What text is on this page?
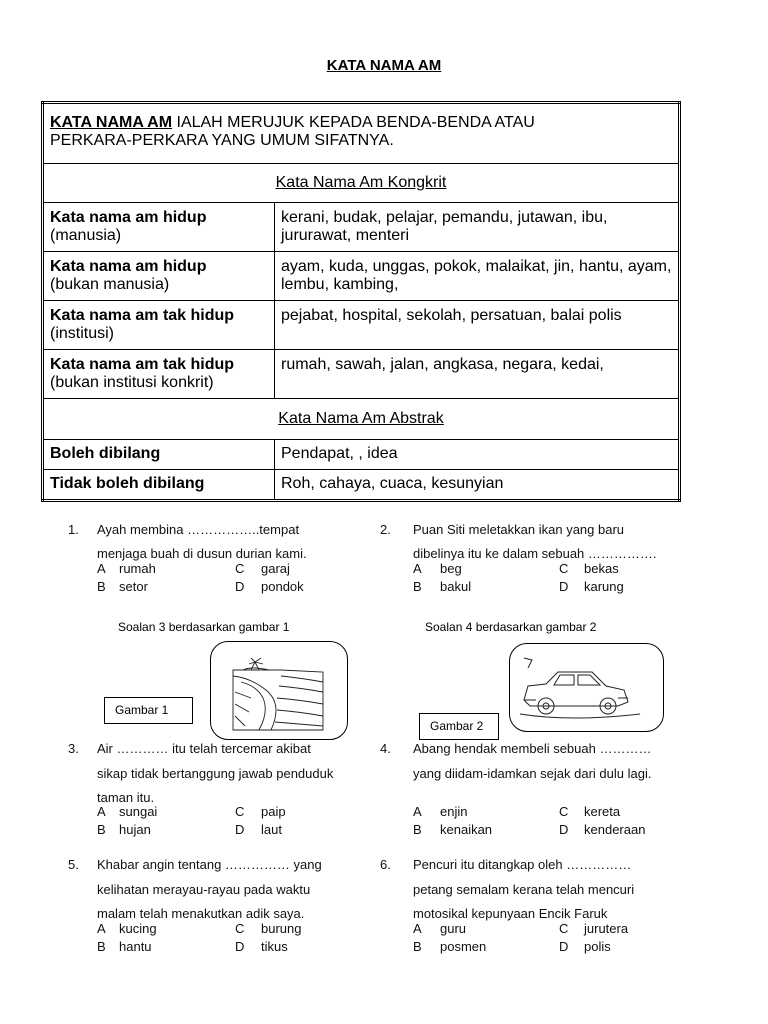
KATA NAMA AM
KATA NAMA AM IALAH MERUJUK KEPADA BENDA-BENDA ATAU
PERKARA-PERKARA YANG UMUM SIFATNYA.	
Kata Nama Am Kongkrit	
Kata nama am hidup
(manusia)	kerani, budak, pelajar, pemandu, jutawan, ibu, jururawat, menteri
Kata nama am hidup
(bukan manusia)	ayam, kuda, unggas, pokok, malaikat, jin, hantu, ayam, lembu, kambing,
Kata nama am tak hidup
(institusi)	pejabat, hospital, sekolah, persatuan, balai polis
Kata nama am tak hidup
(bukan institusi konkrit)	rumah, sawah, jalan, angkasa, negara, kedai,
Kata Nama Am Abstrak	
Boleh dibilang	Pendapat, , idea
Tidak boleh dibilang	Roh, cahaya, cuaca, kesunyian
1.	Ayah membina ……………..tempat
menjaga buah di dusun durian kami.
A rumah	C garaj
B setor	D pondok
2.	Puan Siti meletakkan ikan yang baru
dibelinya itu ke dalam sebuah …………….
A beg	C bekas
B bakul	D karung
Soalan 3 berdasarkan gambar 1	Soalan 4 berdasarkan gambar 2
Gambar 1
Gambar 2
3.	Air ………… itu telah tercemar akibat
sikap tidak bertanggung jawab penduduk
taman itu.
A sungai	C paip
B hujan	D laut
4.	Abang hendak membeli sebuah …………
yang diidam-idamkan sejak dari dulu lagi.
A enjin	C kereta
B kenaikan	D kenderaan
5.	Khabar angin tentang …………… yang
kelihatan merayau-rayau pada waktu
malam telah menakutkan adik saya.
A kucing	C burung
B hantu	D tikus
6.	Pencuri itu ditangkap oleh ……………
petang semalam kerana telah mencuri
motosikal kepunyaan Encik Faruk
A guru	C jurutera
B posmen	D polis
